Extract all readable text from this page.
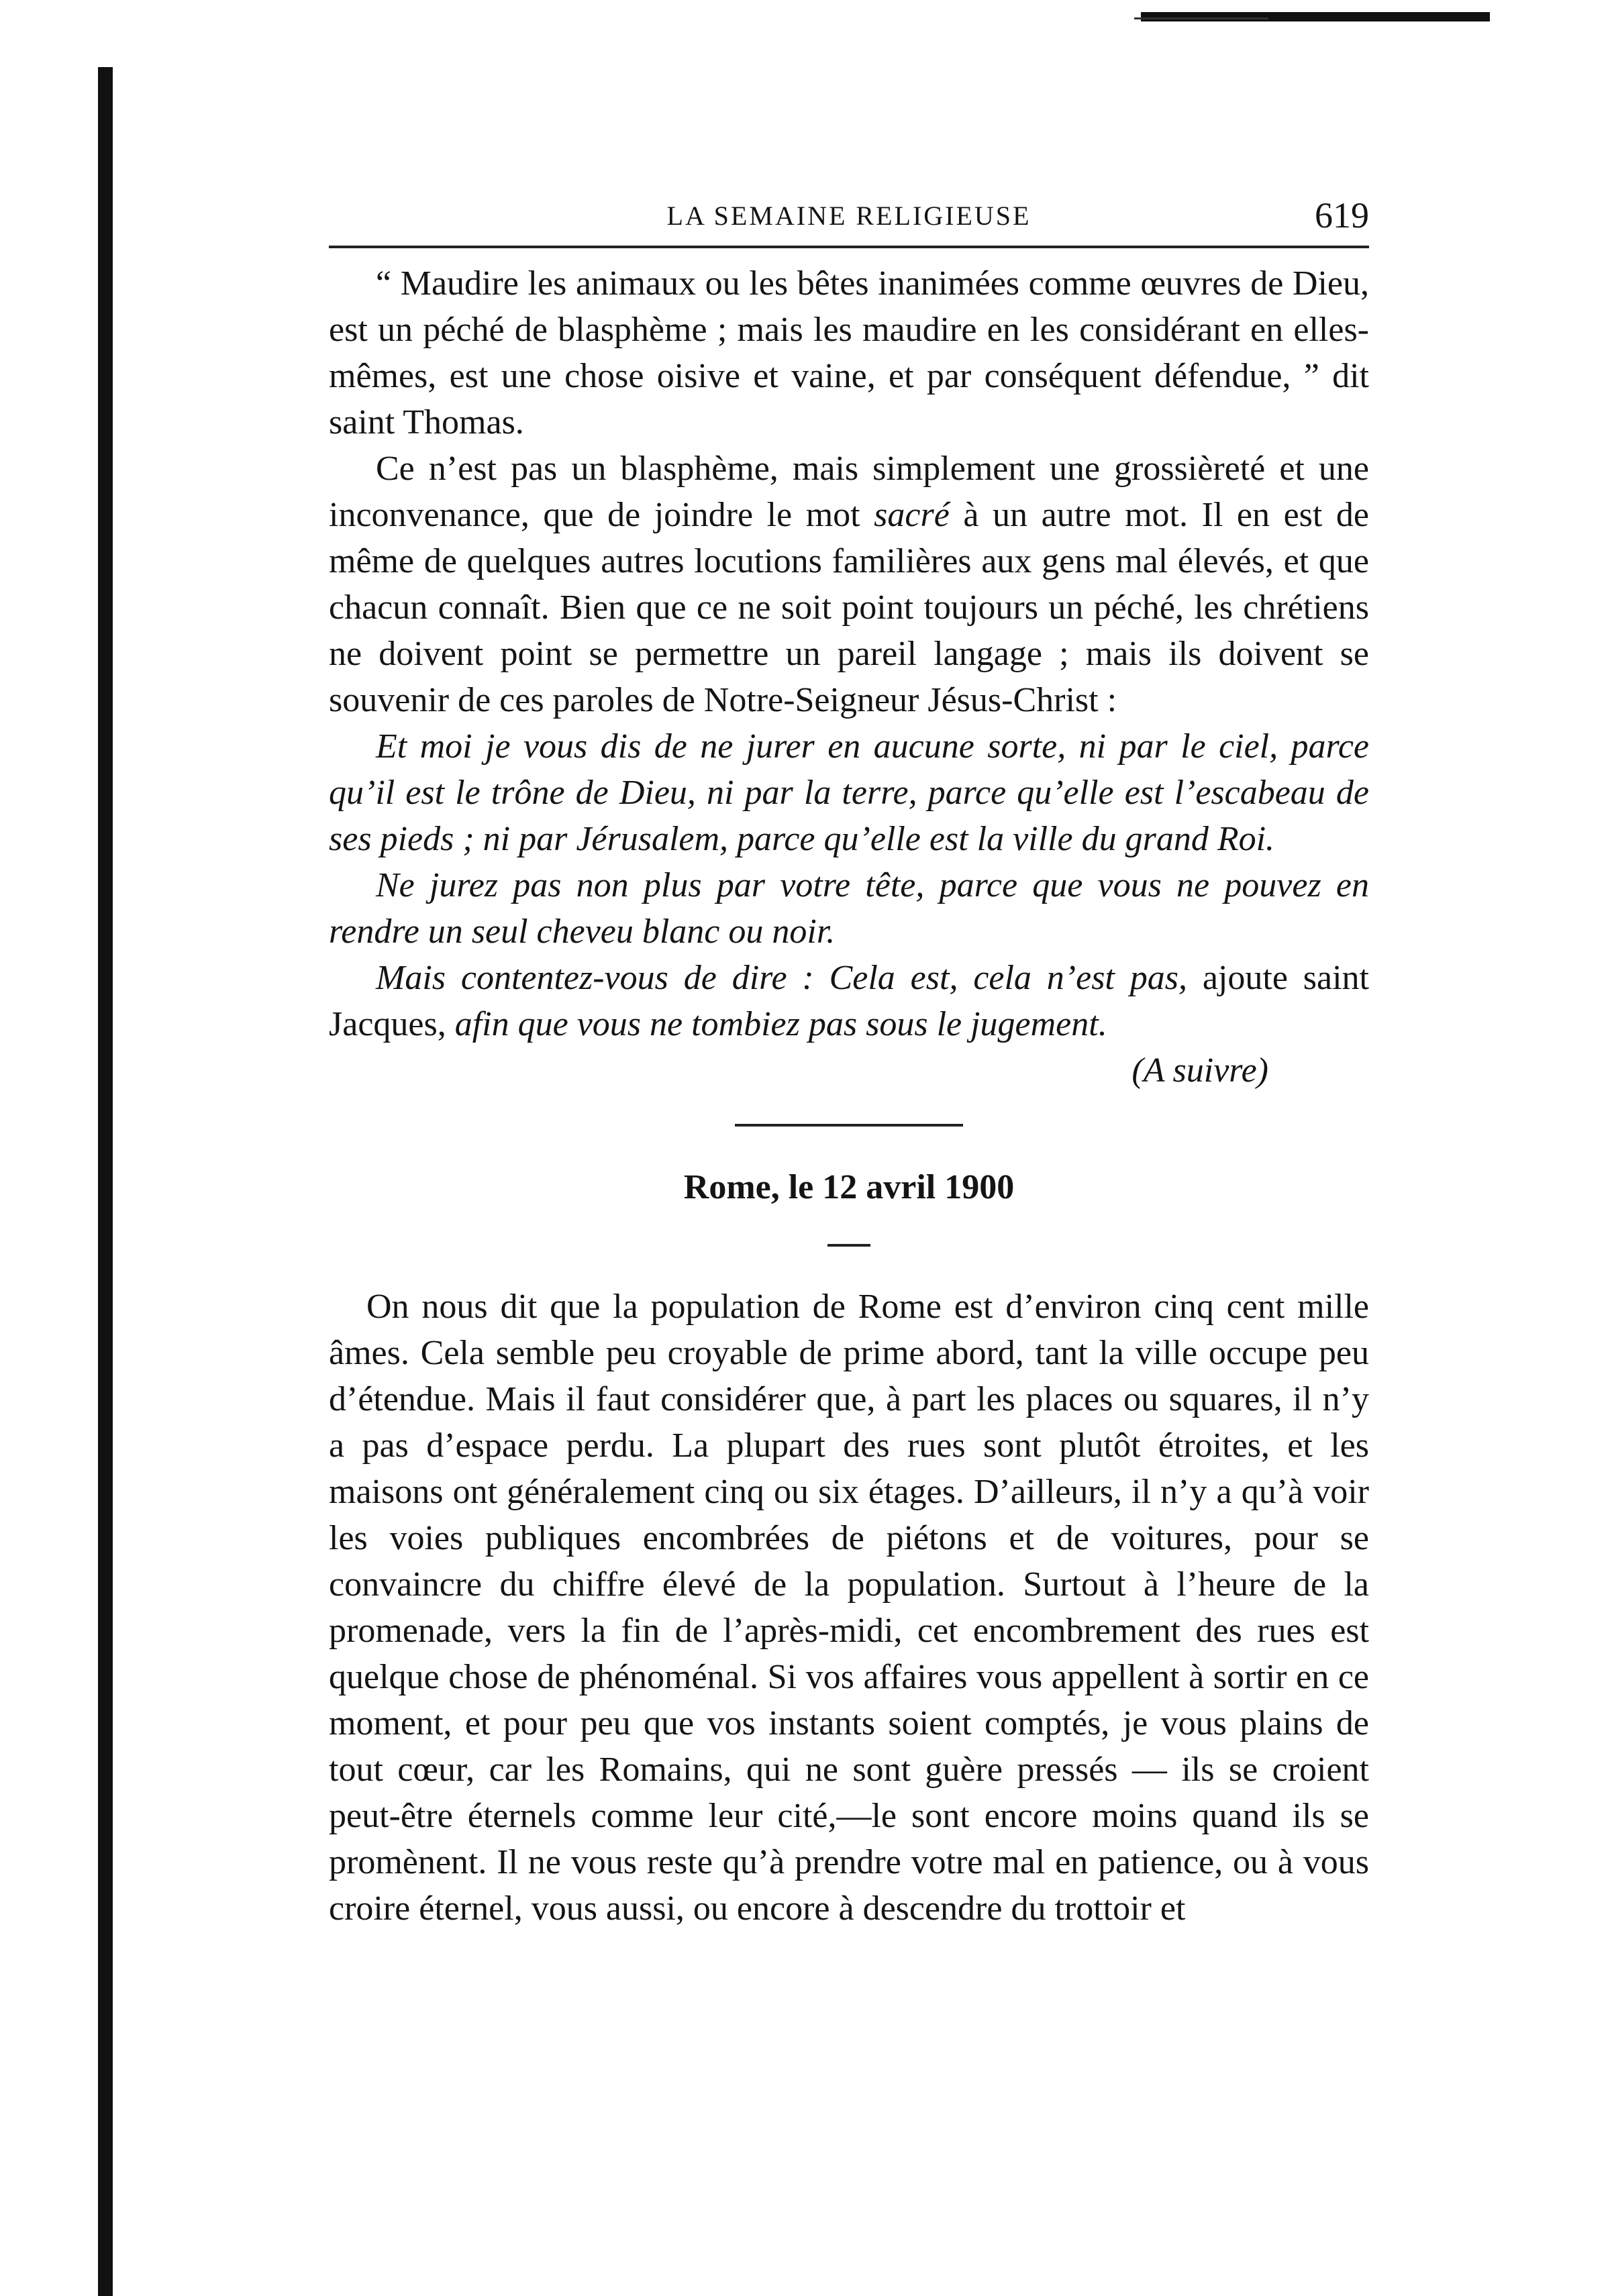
LA SEMAINE RELIGIEUSE	619

“ Maudire les animaux ou les bêtes inanimées comme œuvres de Dieu, est un péché de blasphème ; mais les maudire en les considérant en elles-mêmes, est une chose oisive et vaine, et par conséquent défendue, ” dit saint Thomas.

Ce n’est pas un blasphème, mais simplement une grossièreté et une inconvenance, que de joindre le mot sacré à un autre mot. Il en est de même de quelques autres locutions familières aux gens mal élevés, et que chacun connaît. Bien que ce ne soit point toujours un péché, les chrétiens ne doivent point se permettre un pareil langage ; mais ils doivent se souvenir de ces paroles de Notre-Seigneur Jésus-Christ :

Et moi je vous dis de ne jurer en aucune sorte, ni par le ciel, parce qu’il est le trône de Dieu, ni par la terre, parce qu’elle est l’escabeau de ses pieds ; ni par Jérusalem, parce qu’elle est la ville du grand Roi.

Ne jurez pas non plus par votre tête, parce que vous ne pouvez en rendre un seul cheveu blanc ou noir.

Mais contentez-vous de dire : Cela est, cela n’est pas, ajoute saint Jacques, afin que vous ne tombiez pas sous le jugement.

(A suivre)
Rome, le 12 avril 1900

On nous dit que la population de Rome est d’environ cinq cent mille âmes. Cela semble peu croyable de prime abord, tant la ville occupe peu d’étendue. Mais il faut considérer que, à part les places ou squares, il n’y a pas d’espace perdu. La plupart des rues sont plutôt étroites, et les maisons ont généralement cinq ou six étages. D’ailleurs, il n’y a qu’à voir les voies publiques encombrées de piétons et de voitures, pour se convaincre du chiffre élevé de la population. Surtout à l’heure de la promenade, vers la fin de l’après-midi, cet encombrement des rues est quelque chose de phénoménal. Si vos affaires vous appellent à sortir en ce moment, et pour peu que vos instants soient comptés, je vous plains de tout cœur, car les Romains, qui ne sont guère pressés — ils se croient peut-être éternels comme leur cité,—le sont encore moins quand ils se promènent. Il ne vous reste qu’à prendre votre mal en patience, ou à vous croire éternel, vous aussi, ou encore à descendre du trottoir et
